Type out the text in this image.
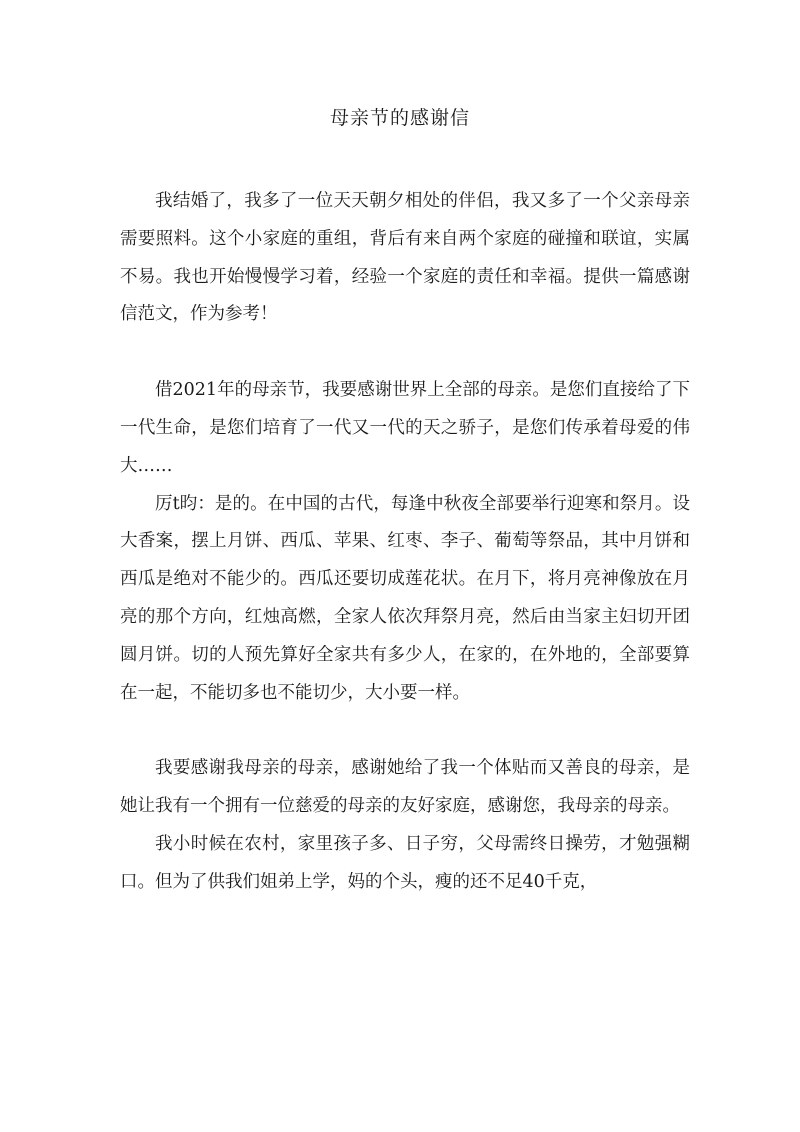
母亲节的感谢信

我结婚了，我多了一位天天朝夕相处的伴侣，我又多了一个父亲母亲需要照料。这个小家庭的重组，背后有来自两个家庭的碰撞和联谊，实属不易。我也开始慢慢学习着，经验一个家庭的责任和幸福。提供一篇感谢信范文，作为参考！

借2021年的母亲节，我要感谢世界上全部的母亲。是您们直接给了下一代生命，是您们培育了一代又一代的天之骄子，是您们传承着母爱的伟大……

厉t昀：是的。在中国的古代，每逢中秋夜全部要举行迎寒和祭月。设大香案，摆上月饼、西瓜、苹果、红枣、李子、葡萄等祭品，其中月饼和西瓜是绝对不能少的。西瓜还要切成莲花状。在月下，将月亮神像放在月亮的那个方向，红烛高燃，全家人依次拜祭月亮，然后由当家主妇切开团圆月饼。切的人预先算好全家共有多少人，在家的，在外地的，全部要算在一起，不能切多也不能切少，大小要一样。

我要感谢我母亲的母亲，感谢她给了我一个体贴而又善良的母亲，是她让我有一个拥有一位慈爱的母亲的友好家庭，感谢您，我母亲的母亲。

我小时候在农村，家里孩子多、日子穷，父母需终日操劳，才勉强糊口。但为了供我们姐弟上学，妈的个头，瘦的还不足40千克，
